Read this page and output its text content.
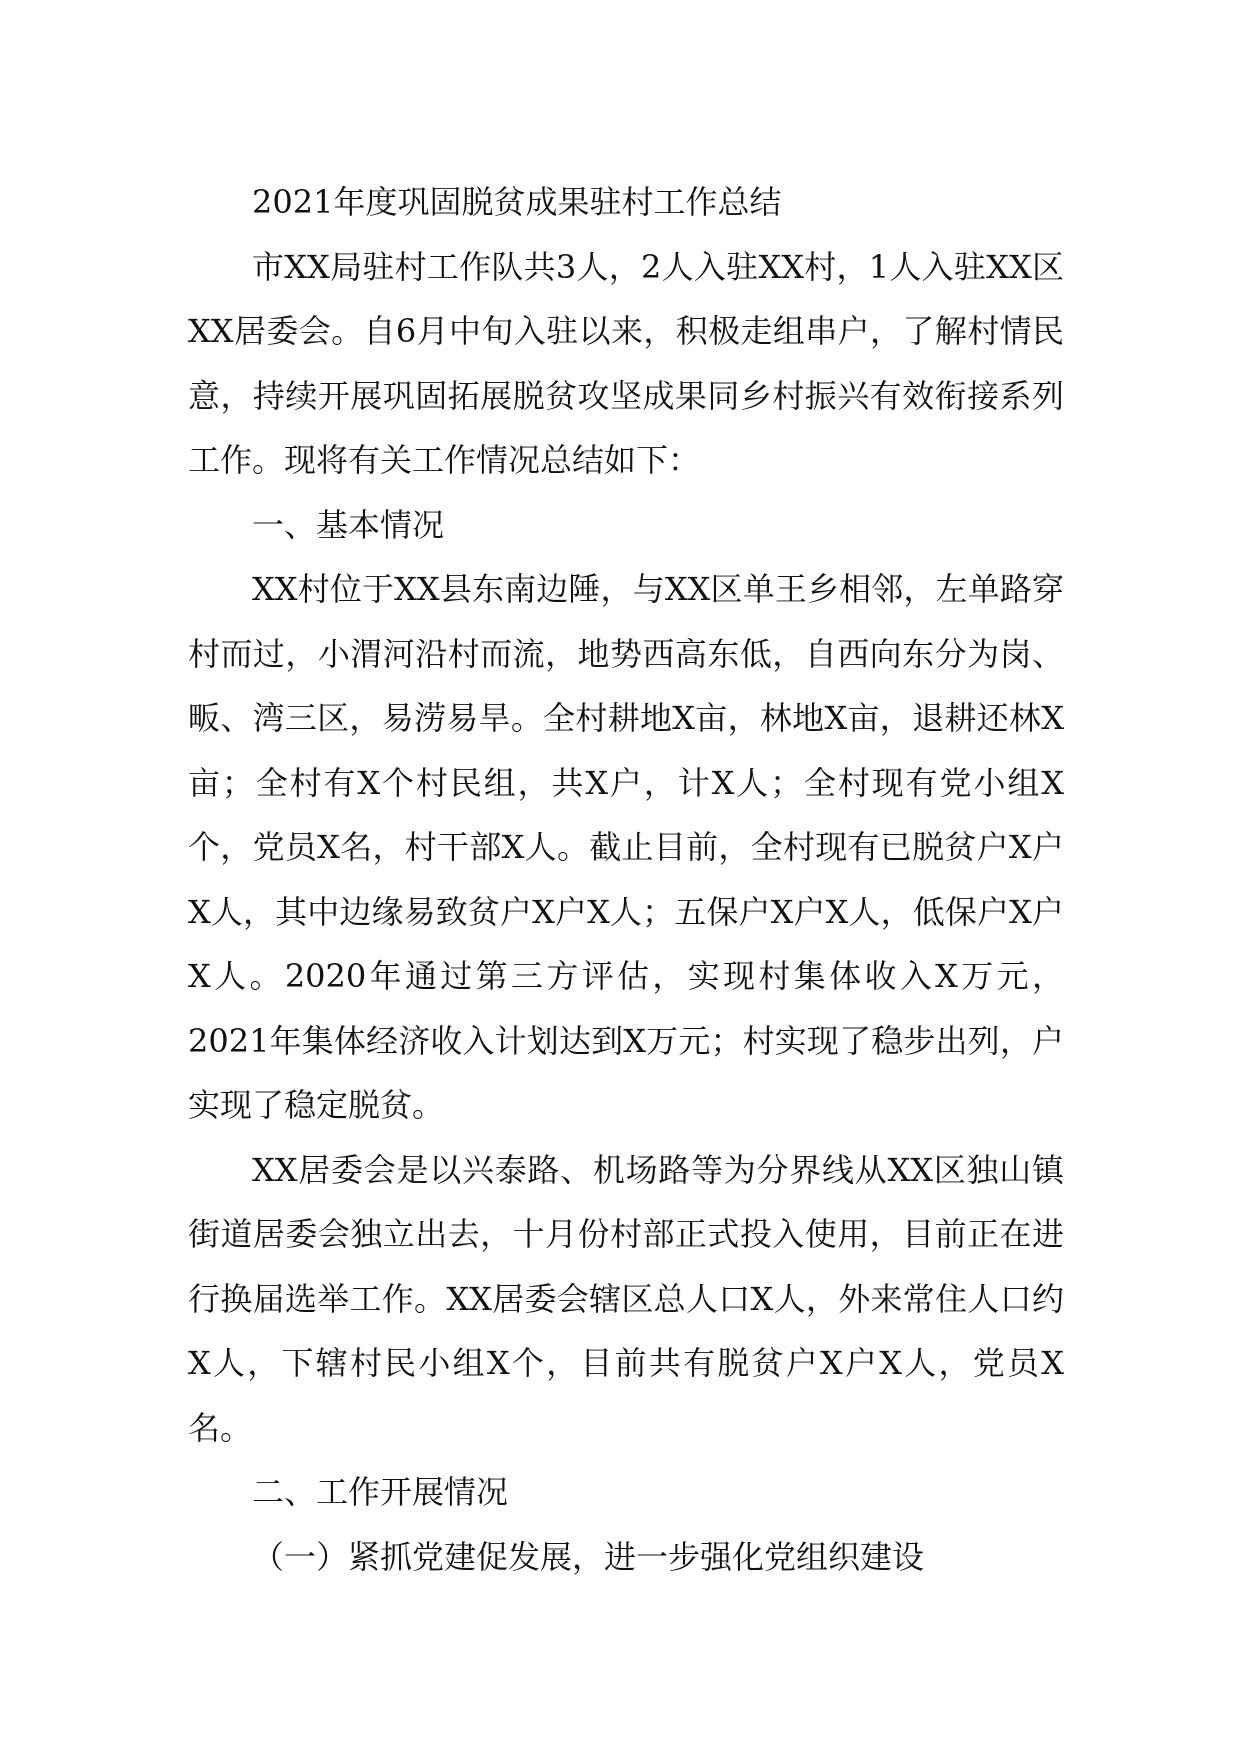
2021年度巩固脱贫成果驻村工作总结

市XX局驻村工作队共3人，2人入驻XX村，1人入驻XX区XX居委会。自6月中旬入驻以来，积极走组串户，了解村情民意，持续开展巩固拓展脱贫攻坚成果同乡村振兴有效衔接系列工作。现将有关工作情况总结如下：

一、基本情况

XX村位于XX县东南边陲，与XX区单王乡相邻，左单路穿村而过，小渭河沿村而流，地势西高东低，自西向东分为岗、畈、湾三区，易涝易旱。全村耕地X亩，林地X亩，退耕还林X亩；全村有X个村民组，共X户，计X人；全村现有党小组X个，党员X名，村干部X人。截止目前，全村现有已脱贫户X户X人，其中边缘易致贫户X户X人；五保户X户X人，低保户X户X人。2020年通过第三方评估，实现村集体收入X万元，2021年集体经济收入计划达到X万元；村实现了稳步出列，户实现了稳定脱贫。

XX居委会是以兴泰路、机场路等为分界线从XX区独山镇街道居委会独立出去，十月份村部正式投入使用，目前正在进行换届选举工作。XX居委会辖区总人口X人，外来常住人口约X人，下辖村民小组X个，目前共有脱贫户X户X人，党员X名。

二、工作开展情况

（一）紧抓党建促发展，进一步强化党组织建设
